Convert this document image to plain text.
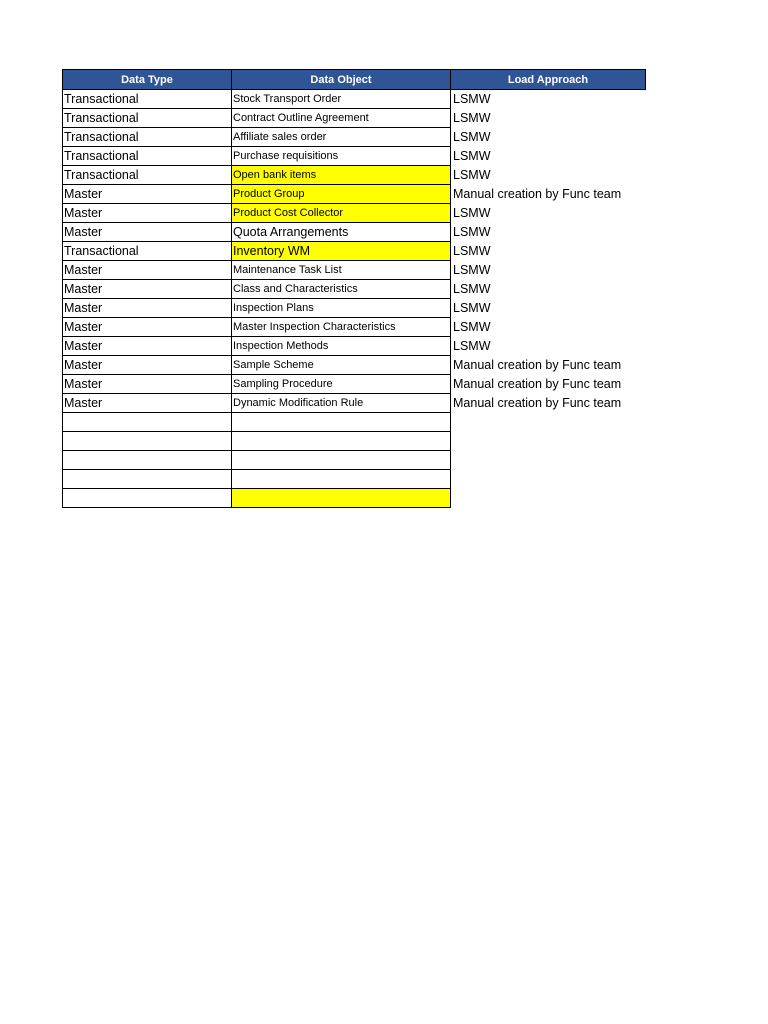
Data Type	Data Object	Load Approach
Transactional	Stock Transport Order	LSMW
Transactional	Contract Outline Agreement	LSMW
Transactional	Affiliate sales order	LSMW
Transactional	Purchase requisitions	LSMW
Transactional	Open bank items	LSMW
Master	Product Group	Manual creation by Func team
Master	Product Cost Collector	LSMW
Master	Quota Arrangements	LSMW
Transactional	Inventory WM	LSMW
Master	Maintenance Task List	LSMW
Master	Class and Characteristics	LSMW
Master	Inspection Plans	LSMW
Master	Master Inspection Characteristics	LSMW
Master	Inspection Methods	LSMW
Master	Sample Scheme	Manual creation by Func team
Master	Sampling Procedure	Manual creation by Func team
Master	Dynamic Modification Rule	Manual creation by Func team
